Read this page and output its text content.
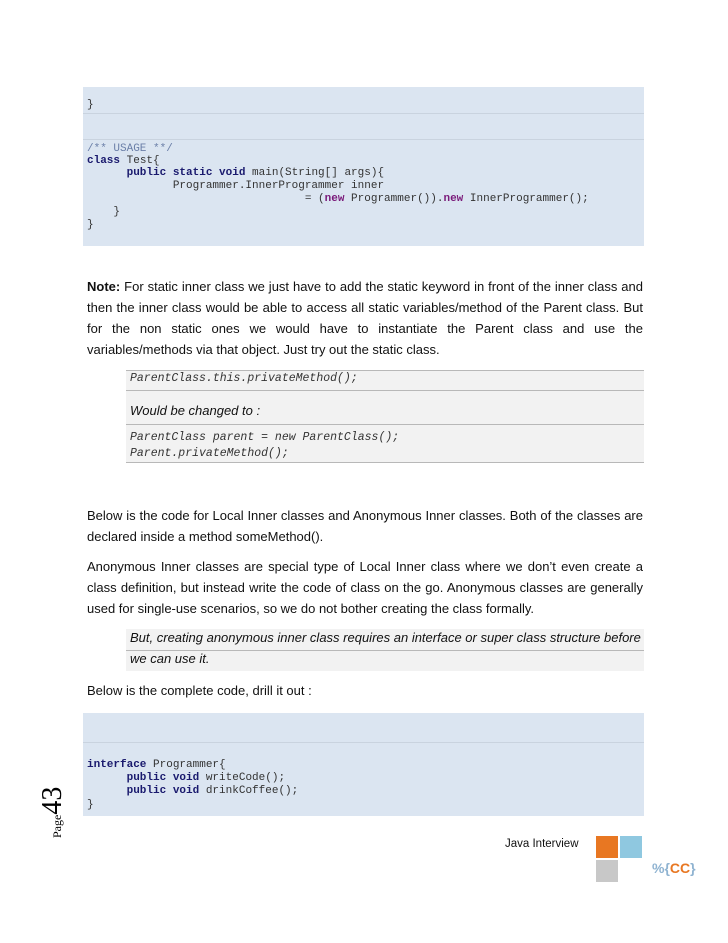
}
/** USAGE **/
class Test{
public static void main(String[] args){
Programmer.InnerProgrammer inner
= (new Programmer()).new InnerProgrammer();
}
}
Note: For static inner class we just have to add the static keyword in front of the inner class and then the inner class would be able to access all static variables/method of the Parent class. But for the non static ones we would have to instantiate the Parent class and use the variables/methods via that object. Just try out the static class.
ParentClass.this.privateMethod();
Would be changed to :
ParentClass parent = new ParentClass();
Parent.privateMethod();
Below is the code for Local Inner classes and Anonymous Inner classes. Both of the classes are declared inside a method someMethod().
Anonymous Inner classes are special type of Local Inner class where we don’t even create a class definition, but instead write the code of class on the go. Anonymous classes are generally used for single-use scenarios, so we do not bother creating the class formally.
But, creating anonymous inner class requires an interface or super class structure before
we can use it.
Below is the complete code, drill it out :
interface Programmer{
public void writeCode();
public void drinkCoffee();
}
Page43
Java Interview
%{CC}
